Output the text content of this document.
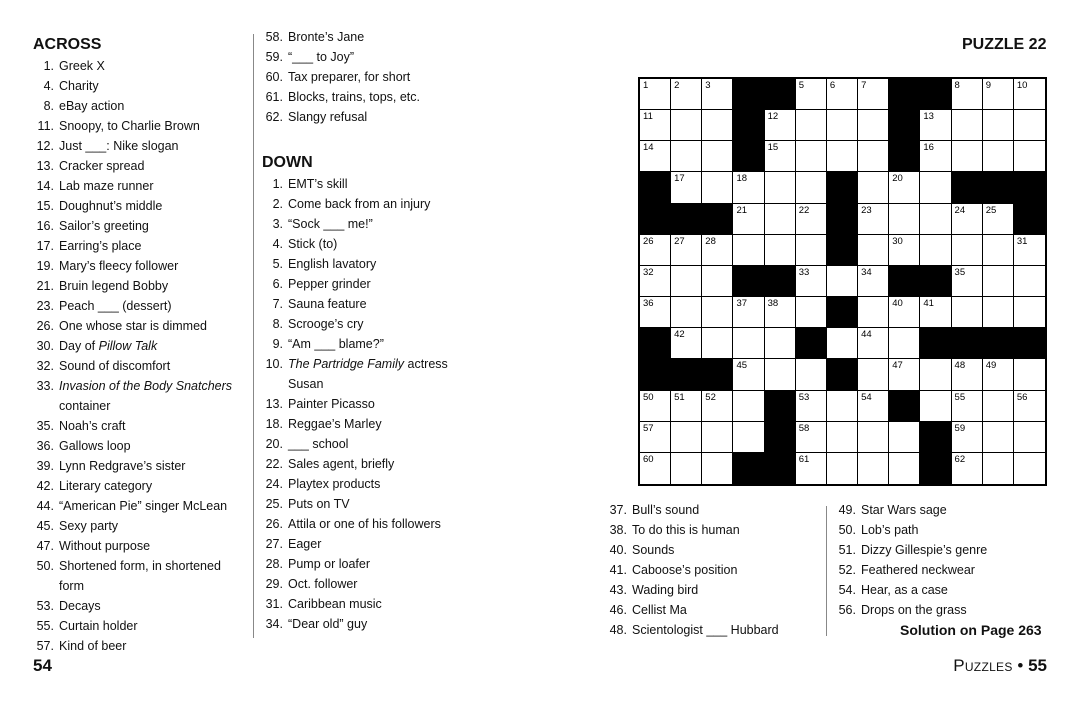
ACROSS
1. Greek X
4. Charity
8. eBay action
11. Snoopy, to Charlie Brown
12. Just ___: Nike slogan
13. Cracker spread
14. Lab maze runner
15. Doughnut’s middle
16. Sailor’s greeting
17. Earring’s place
19. Mary’s fleecy follower
21. Bruin legend Bobby
23. Peach ___ (dessert)
26. One whose star is dimmed
30. Day of Pillow Talk
32. Sound of discomfort
33. Invasion of the Body Snatchers
container
35. Noah’s craft
36. Gallows loop
39. Lynn Redgrave’s sister
42. Literary category
44. “American Pie” singer McLean
45. Sexy party
47. Without purpose
50. Shortened form, in shortened form
53. Decays
55. Curtain holder
57. Kind of beer
58. Bronte’s Jane
59. “___ to Joy”
60. Tax preparer, for short
61. Blocks, trains, tops, etc.
62. Slangy refusal
DOWN
1. EMT’s skill
2. Come back from an injury
3. “Sock ___ me!”
4. Stick (to)
5. English lavatory
6. Pepper grinder
7. Sauna feature
8. Scrooge’s cry
9. “Am ___ blame?”
10. The Partridge Family actress
Susan
13. Painter Picasso
18. Reggae’s Marley
20. ___ school
22. Sales agent, briefly
24. Playtex products
25. Puts on TV
26. Attila or one of his followers
27. Eager
28. Pump or loafer
29. Oct. follower
31. Caribbean music
34. “Dear old” guy
PUZZLE 22
1	2	3	4	5	6	7	8	9	10
11	12	13
14	15	16
17	18	19	20
21	22	23	24 25
26 27 28	29	30	31
32	33	34	35
36	37 38	39	40 41
42	43	44
45	46	47	48 49
50 51 52	53	54	55	56
57	58	59
60	61	62
37. Bull’s sound
38. To do this is human
40. Sounds
41. Caboose’s position
43. Wading bird
46. Cellist Ma
48. Scientologist ___ Hubbard
49. Star Wars sage
50. Lob’s path
51. Dizzy Gillespie’s genre
52. Feathered neckwear
54. Hear, as a case
56. Drops on the grass
Solution on Page 263
54	Puzzles • 55
